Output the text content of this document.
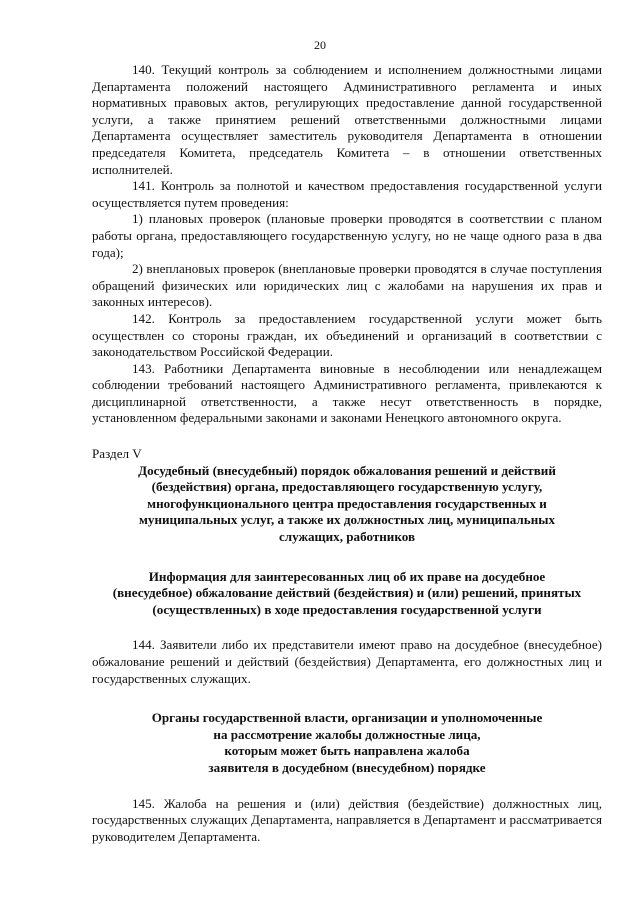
20

140. Текущий контроль за соблюдением и исполнением должностными лицами Департамента положений настоящего Административного регламента и иных нормативных правовых актов, регулирующих предоставление данной государственной услуги, а также принятием решений ответственными должностными лицами Департамента осуществляет заместитель руководителя Департамента в отношении председателя Комитета, председатель Комитета – в отношении ответственных исполнителей.

141. Контроль за полнотой и качеством предоставления государственной услуги осуществляется путем проведения:

1) плановых проверок (плановые проверки проводятся в соответствии с планом работы органа, предоставляющего государственную услугу, но не чаще одного раза в два года);

2) внеплановых проверок (внеплановые проверки проводятся в случае поступления обращений физических или юридических лиц с жалобами на нарушения их прав и законных интересов).

142. Контроль за предоставлением государственной услуги может быть осуществлен со стороны граждан, их объединений и организаций в соответствии с законодательством Российской Федерации.

143. Работники Департамента виновные в несоблюдении или ненадлежащем соблюдении требований настоящего Административного регламента, привлекаются к дисциплинарной ответственности, а также несут ответственность в порядке, установленном федеральными законами и законами Ненецкого автономного округа.

Раздел V

Досудебный (внесудебный) порядок обжалования решений и действий
(бездействия) органа, предоставляющего государственную услугу,
многофункционального центра предоставления государственных и
муниципальных услуг, а также их должностных лиц, муниципальных
служащих, работников
Информация для заинтересованных лиц об их праве на досудебное
(внесудебное) обжалование действий (бездействия) и (или) решений, принятых
(осуществленных) в ходе предоставления государственной услуги

144. Заявители либо их представители имеют право на досудебное (внесудебное) обжалование решений и действий (бездействия) Департамента, его должностных лиц и государственных служащих.

Органы государственной власти, организации и уполномоченные
на рассмотрение жалобы должностные лица,
которым может быть направлена жалоба
заявителя в досудебном (внесудебном) порядке

145. Жалоба на решения и (или) действия (бездействие) должностных лиц, государственных служащих Департамента, направляется в Департамент и рассматривается руководителем Департамента.
